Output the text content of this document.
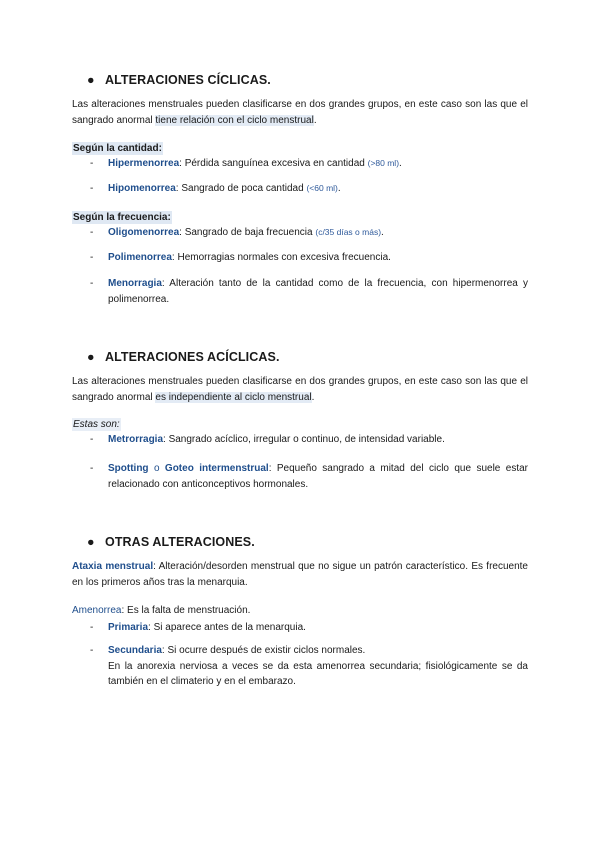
● ALTERACIONES CÍCLICAS.
Las alteraciones menstruales pueden clasificarse en dos grandes grupos, en este caso son las que el sangrado anormal tiene relación con el ciclo menstrual.
Según la cantidad:
- Hipermenorrea: Pérdida sanguínea excesiva en cantidad (>80 ml).
- Hipomenorrea: Sangrado de poca cantidad (<60 ml).
Según la frecuencia:
- Oligomenorrea: Sangrado de baja frecuencia (c/35 días o más).
- Polimenorrea: Hemorragias normales con excesiva frecuencia.
- Menorragia: Alteración tanto de la cantidad como de la frecuencia, con hipermenorrea y polimenorrea.
● ALTERACIONES ACÍCLICAS.
Las alteraciones menstruales pueden clasificarse en dos grandes grupos, en este caso son las que el sangrado anormal es independiente al ciclo menstrual.
Estas son:
- Metrorragia: Sangrado acíclico, irregular o continuo, de intensidad variable.
- Spotting o Goteo intermenstrual: Pequeño sangrado a mitad del ciclo que suele estar relacionado con anticonceptivos hormonales.
● OTRAS ALTERACIONES.
Ataxia menstrual: Alteración/desorden menstrual que no sigue un patrón característico. Es frecuente en los primeros años tras la menarquia.
Amenorrea: Es la falta de menstruación.
- Primaria: Si aparece antes de la menarquia.
- Secundaria: Si ocurre después de existir ciclos normales.
En la anorexia nerviosa a veces se da esta amenorrea secundaria; fisiológicamente se da también en el climaterio y en el embarazo.
